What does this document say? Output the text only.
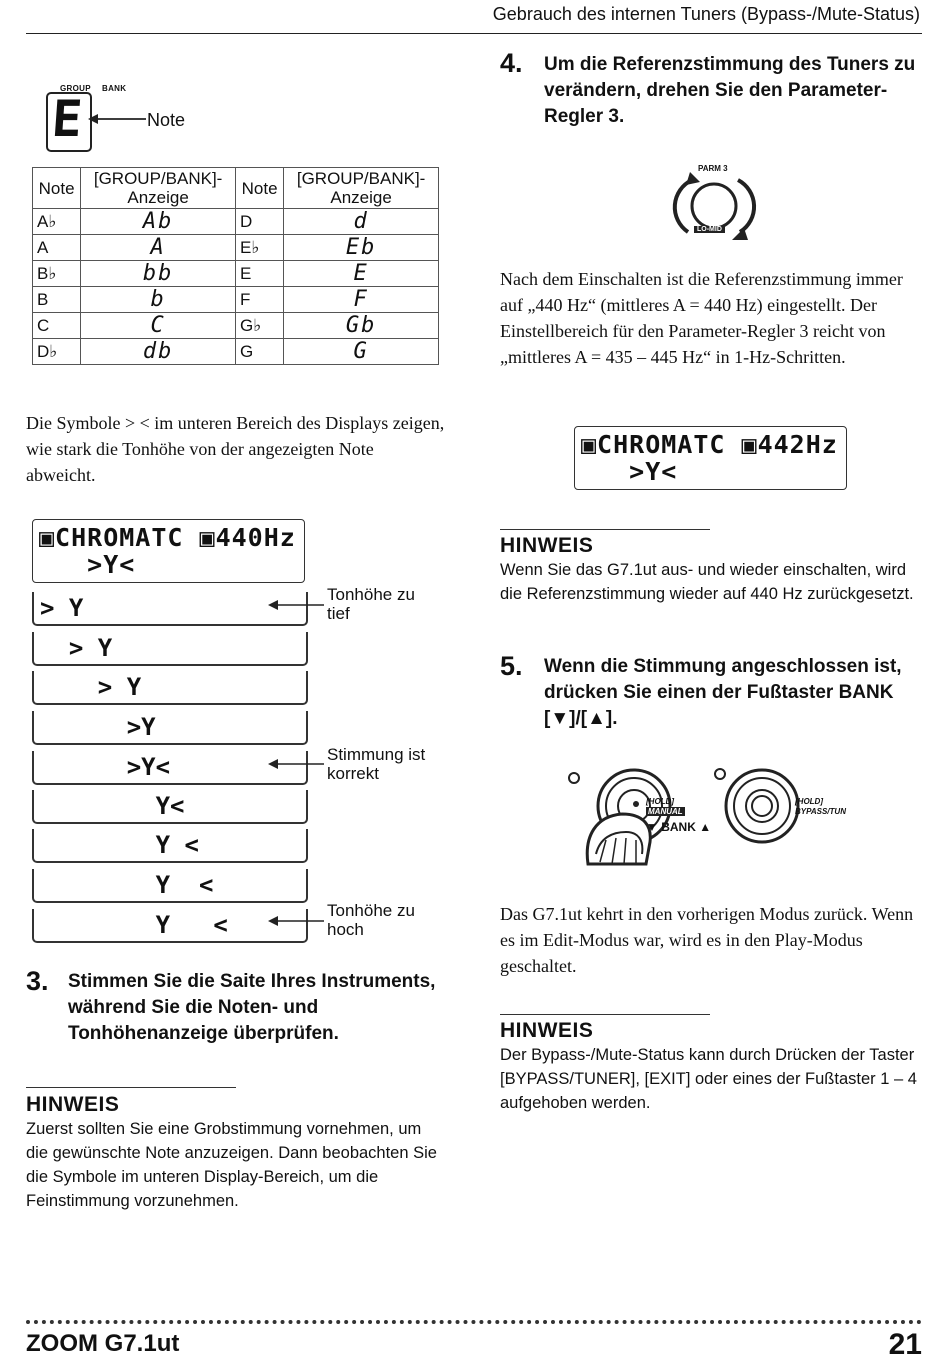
Gebrauch des internen Tuners (Bypass-/Mute-Status)
GROUP BANK
E	Note
Note	[GROUP/BANK]-Anzeige	Note	[GROUP/BANK]-Anzeige
A♭	Ab	D	d
A	A	E♭	Eb
B♭	bb	E	E
B	b	F	F
C	C	G♭	Gb
D♭	db	G	G
Die Symbole > < im unteren Bereich des Displays zeigen, wie stark die Tonhöhe von der angezeigten Note abweicht.
▣CHROMATC ▣440Hz
>Y<
> Y
> Y
> Y
>Y
>Y<
Y<
Y <
Y  <
Y   <
Tonhöhe zu tief
Stimmung ist korrekt
Tonhöhe zu hoch
3. Stimmen Sie die Saite Ihres Instruments, während Sie die Noten- und Tonhöhenanzeige überprüfen.
HINWEIS
Zuerst sollten Sie eine Grobstimmung vornehmen, um die gewünschte Note anzuzeigen. Dann beobachten Sie die Symbole im unteren Display-Bereich, um die Feinstimmung vorzunehmen.
4. Um die Referenzstimmung des Tuners zu verändern, drehen Sie den Parameter-Regler 3.
PARM 3
LO-MID
Nach dem Einschalten ist die Referenzstimmung immer auf „440 Hz“ (mittleres A = 440 Hz) eingestellt. Der Einstellbereich für den Parameter-Regler 3 reicht von „mittleres A = 435 – 445 Hz“ in 1-Hz-Schritten.
▣CHROMATC ▣442Hz
>Y<
HINWEIS
Wenn Sie das G7.1ut aus- und wieder einschalten, wird die Referenzstimmung wieder auf 440 Hz zurückgesetzt.
5. Wenn die Stimmung angeschlossen ist, drücken Sie einen der Fußtaster BANK [▼]/[▲].
[HOLD]
MANUAL
▼ BANK ▲
[HOLD]
BYPASS/TUN
Das G7.1ut kehrt in den vorherigen Modus zurück. Wenn es im Edit-Modus war, wird es in den Play-Modus geschaltet.
HINWEIS
Der Bypass-/Mute-Status kann durch Drücken der Taster [BYPASS/TUNER], [EXIT] oder eines der Fußtaster 1 – 4 aufgehoben werden.
ZOOM G7.1ut	21
